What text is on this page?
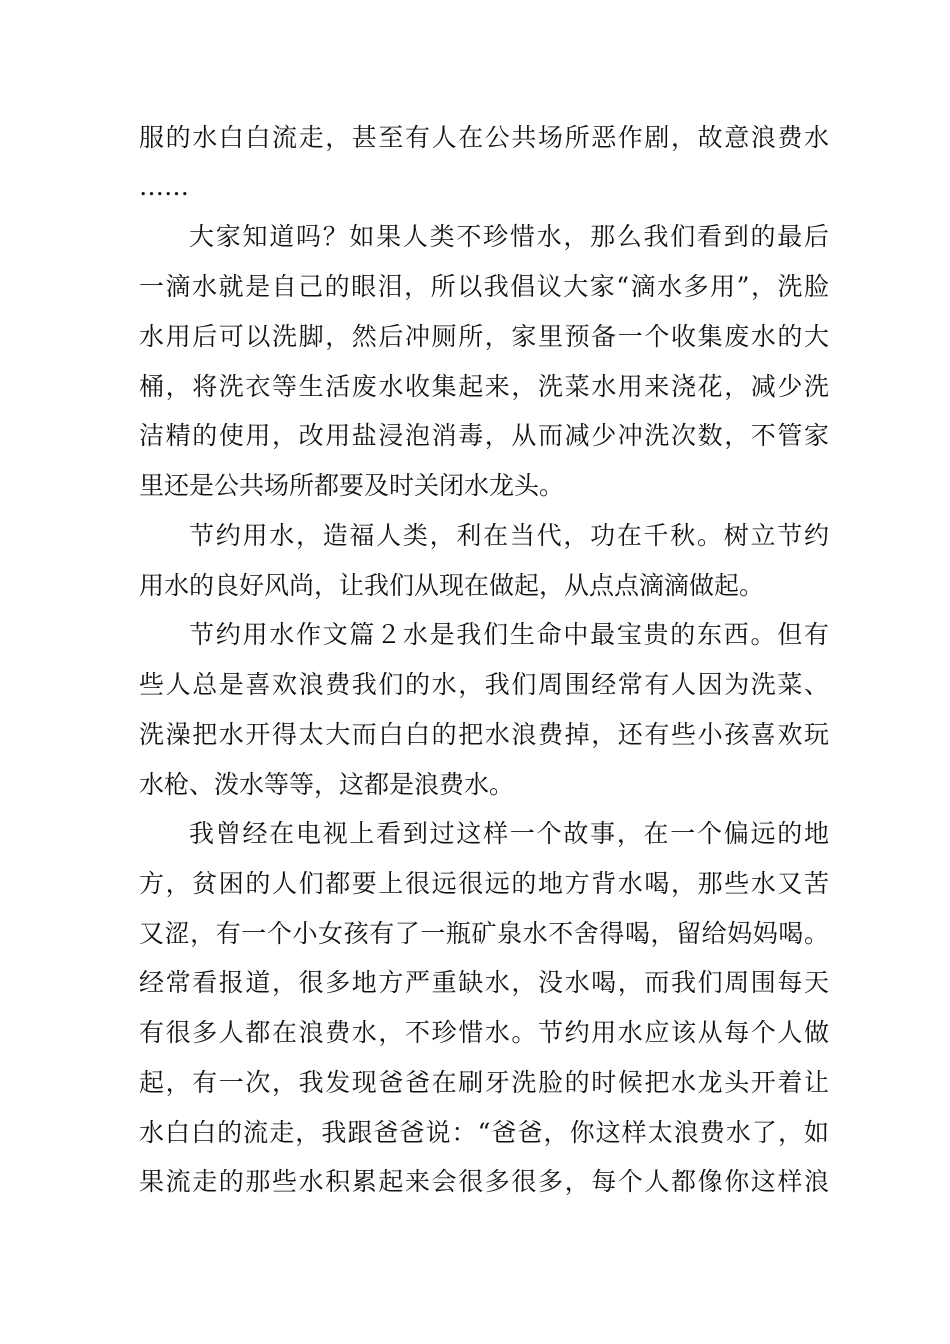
服的水白白流走，甚至有人在公共场所恶作剧，故意浪费水
……
大家知道吗？如果人类不珍惜水，那么我们看到的最后
一滴水就是自己的眼泪，所以我倡议大家“滴水多用”，洗脸
水用后可以洗脚，然后冲厕所，家里预备一个收集废水的大
桶，将洗衣等生活废水收集起来，洗菜水用来浇花，减少洗
洁精的使用，改用盐浸泡消毒，从而减少冲洗次数，不管家
里还是公共场所都要及时关闭水龙头。
节约用水，造福人类，利在当代，功在千秋。树立节约
用水的良好风尚，让我们从现在做起，从点点滴滴做起。
节约用水作文篇２水是我们生命中最宝贵的东西。但有
些人总是喜欢浪费我们的水，我们周围经常有人因为洗菜、
洗澡把水开得太大而白白的把水浪费掉，还有些小孩喜欢玩
水枪、泼水等等，这都是浪费水。
我曾经在电视上看到过这样一个故事，在一个偏远的地
方，贫困的人们都要上很远很远的地方背水喝，那些水又苦
又涩，有一个小女孩有了一瓶矿泉水不舍得喝，留给妈妈喝。
经常看报道，很多地方严重缺水，没水喝，而我们周围每天
有很多人都在浪费水，不珍惜水。节约用水应该从每个人做
起，有一次，我发现爸爸在刷牙洗脸的时候把水龙头开着让
水白白的流走，我跟爸爸说：“爸爸，你这样太浪费水了，如
果流走的那些水积累起来会很多很多，每个人都像你这样浪
